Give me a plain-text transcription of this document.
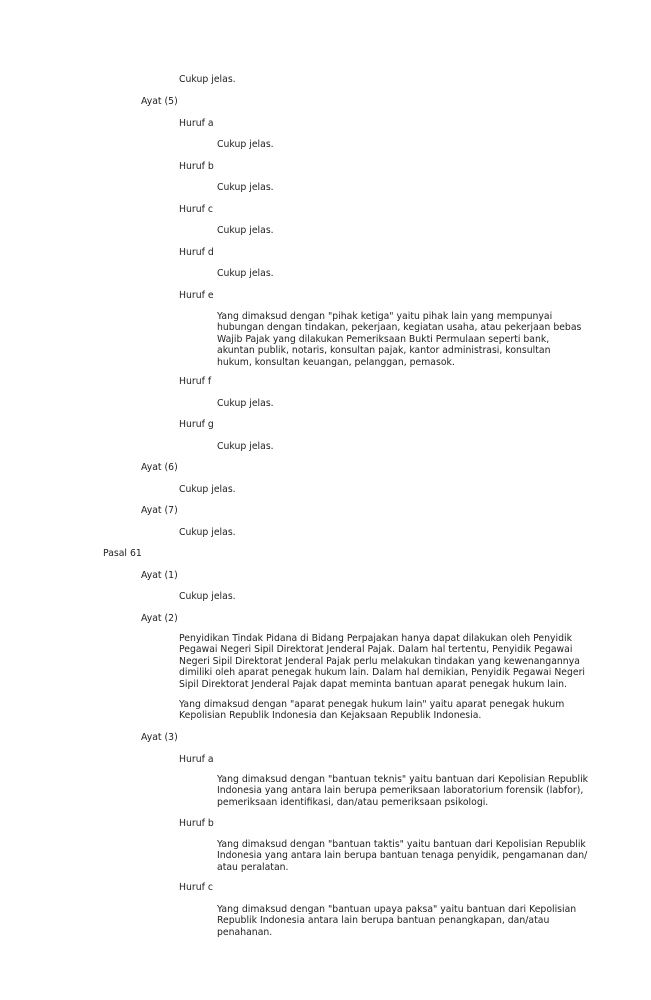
Cukup jelas.
Ayat (5)
Huruf a
Cukup jelas.
Huruf b
Cukup jelas.
Huruf c
Cukup jelas.
Huruf d
Cukup jelas.
Huruf e
Yang dimaksud dengan "pihak ketiga" yaitu pihak lain yang mempunyai
hubungan dengan tindakan, pekerjaan, kegiatan usaha, atau pekerjaan bebas
Wajib Pajak yang dilakukan Pemeriksaan Bukti Permulaan seperti bank,
akuntan publik, notaris, konsultan pajak, kantor administrasi, konsultan
hukum, konsultan keuangan, pelanggan, pemasok.
Huruf f
Cukup jelas.
Huruf g
Cukup jelas.
Ayat (6)
Cukup jelas.
Ayat (7)
Cukup jelas.
Pasal 61
Ayat (1)
Cukup jelas.
Ayat (2)
Penyidikan Tindak Pidana di Bidang Perpajakan hanya dapat dilakukan oleh Penyidik
Pegawai Negeri Sipil Direktorat Jenderal Pajak. Dalam hal tertentu, Penyidik Pegawai
Negeri Sipil Direktorat Jenderal Pajak perlu melakukan tindakan yang kewenangannya
dimiliki oleh aparat penegak hukum lain. Dalam hal demikian, Penyidik Pegawai Negeri
Sipil Direktorat Jenderal Pajak dapat meminta bantuan aparat penegak hukum lain.
Yang dimaksud dengan "aparat penegak hukum lain" yaitu aparat penegak hukum
Kepolisian Republik Indonesia dan Kejaksaan Republik Indonesia.
Ayat (3)
Huruf a
Yang dimaksud dengan "bantuan teknis" yaitu bantuan dari Kepolisian Republik
Indonesia yang antara lain berupa pemeriksaan laboratorium forensik (labfor),
pemeriksaan identifikasi, dan/atau pemeriksaan psikologi.
Huruf b
Yang dimaksud dengan "bantuan taktis" yaitu bantuan dari Kepolisian Republik
Indonesia yang antara lain berupa bantuan tenaga penyidik, pengamanan dan/
atau peralatan.
Huruf c
Yang dimaksud dengan "bantuan upaya paksa" yaitu bantuan dari Kepolisian
Republik Indonesia antara lain berupa bantuan penangkapan, dan/atau
penahanan.
